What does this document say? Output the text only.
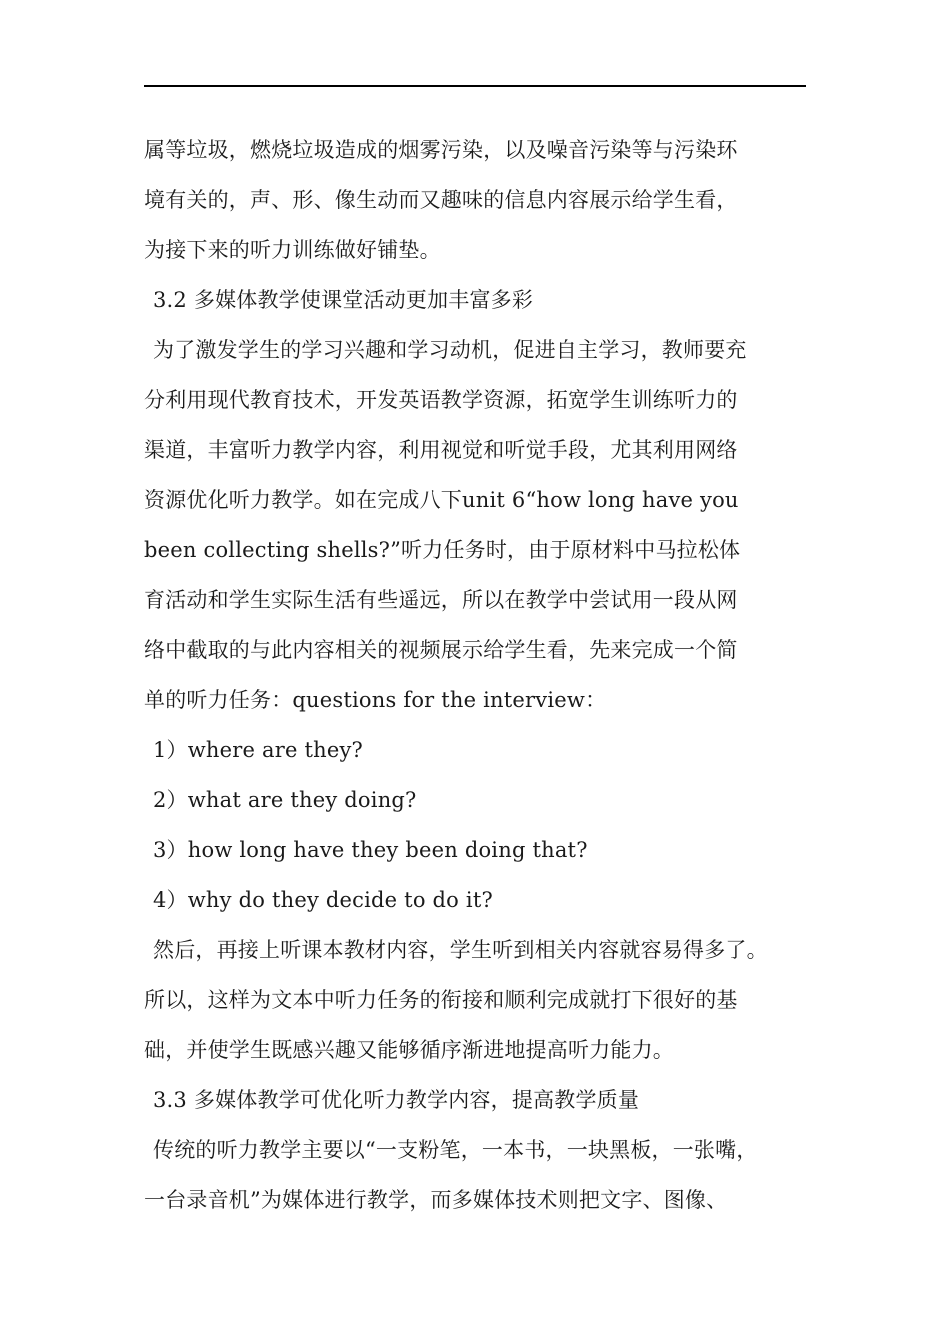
属等垃圾，燃烧垃圾造成的烟雾污染，以及噪音污染等与污染环
境有关的，声、形、像生动而又趣味的信息内容展示给学生看，
为接下来的听力训练做好铺垫。
3.2 多媒体教学使课堂活动更加丰富多彩
为了激发学生的学习兴趣和学习动机，促进自主学习，教师要充
分利用现代教育技术，开发英语教学资源，拓宽学生训练听力的
渠道，丰富听力教学内容，利用视觉和听觉手段，尤其利用网络
资源优化听力教学。如在完成八下unit 6“how long have you
been collecting shells?”听力任务时，由于原材料中马拉松体
育活动和学生实际生活有些遥远，所以在教学中尝试用一段从网
络中截取的与此内容相关的视频展示给学生看，先来完成一个简
单的听力任务：questions for the interview：
1）where are they?
2）what are they doing?
3）how long have they been doing that?
4）why do they decide to do it?
然后，再接上听课本教材内容，学生听到相关内容就容易得多了。
所以，这样为文本中听力任务的衔接和顺利完成就打下很好的基
础，并使学生既感兴趣又能够循序渐进地提高听力能力。
3.3 多媒体教学可优化听力教学内容，提高教学质量
传统的听力教学主要以“一支粉笔，一本书，一块黑板，一张嘴，
一台录音机”为媒体进行教学，而多媒体技术则把文字、图像、
